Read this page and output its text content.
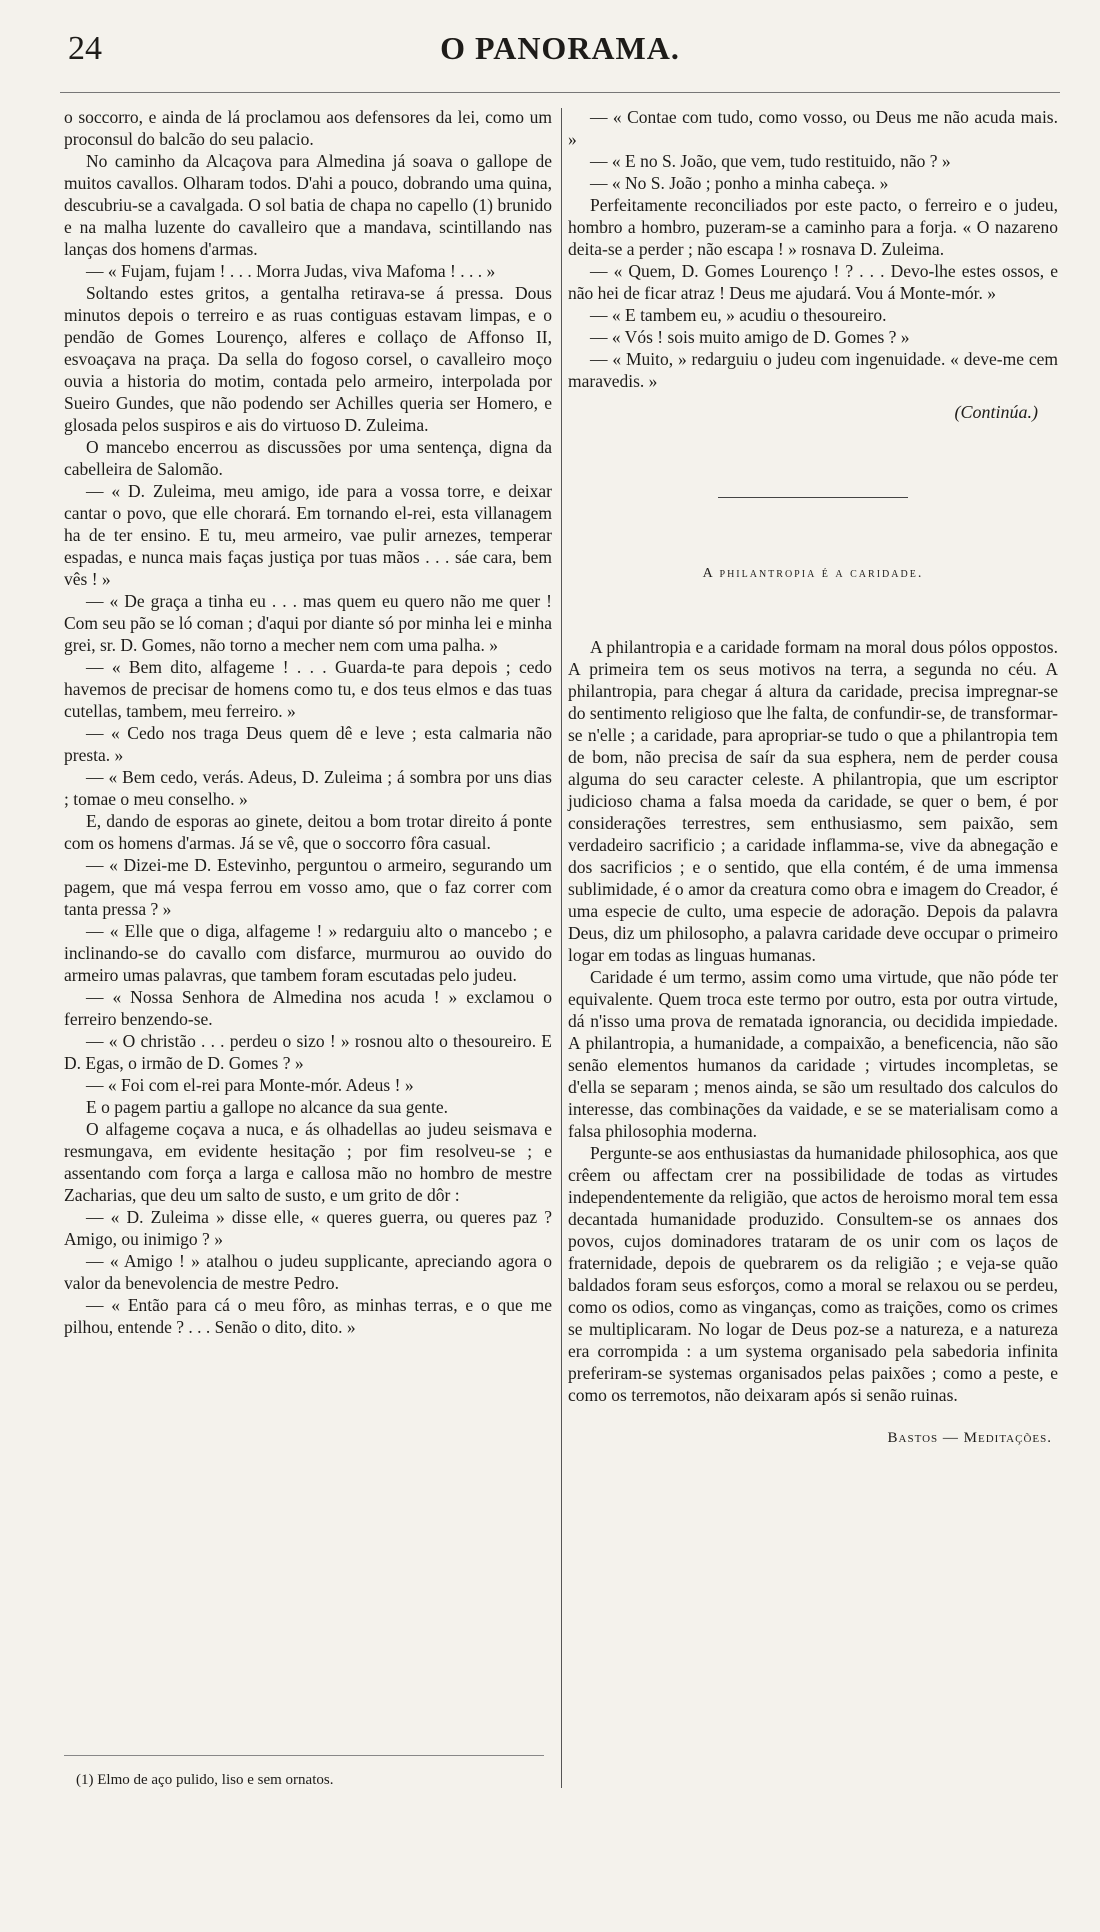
24	O PANORAMA.

o soccorro, e ainda de lá proclamou aos defensores da lei, como um proconsul do balcão do seu palacio.

No caminho da Alcaçova para Almedina já soava o gallope de muitos cavallos. Olharam todos. D'ahi a pouco, dobrando uma quina, descubriu-se a cavalgada. O sol batia de chapa no capello (1) brunido e na malha luzente do cavalleiro que a mandava, scintillando nas lanças dos homens d'armas.

— « Fujam, fujam ! . . . Morra Judas, viva Mafoma ! . . . »

Soltando estes gritos, a gentalha retirava-se á pressa. Dous minutos depois o terreiro e as ruas contiguas estavam limpas, e o pendão de Gomes Lourenço, alferes e collaço de Affonso II, esvoaçava na praça. Da sella do fogoso corsel, o cavalleiro moço ouvia a historia do motim, contada pelo armeiro, interpolada por Sueiro Gundes, que não podendo ser Achilles queria ser Homero, e glosada pelos suspiros e ais do virtuoso D. Zuleima.

O mancebo encerrou as discussões por uma sentença, digna da cabelleira de Salomão.

— « D. Zuleima, meu amigo, ide para a vossa torre, e deixar cantar o povo, que elle chorará. Em tornando el-rei, esta villanagem ha de ter ensino. E tu, meu armeiro, vae pulir arnezes, temperar espadas, e nunca mais faças justiça por tuas mãos . . . sáe cara, bem vês ! »

— « De graça a tinha eu . . . mas quem eu quero não me quer ! Com seu pão se ló coman ; d'aqui por diante só por minha lei e minha grei, sr. D. Gomes, não torno a mecher nem com uma palha. »

— « Bem dito, alfageme ! . . . Guarda-te para depois ; cedo havemos de precisar de homens como tu, e dos teus elmos e das tuas cutellas, tambem, meu ferreiro. »

— « Cedo nos traga Deus quem dê e leve ; esta calmaria não presta. »

— « Bem cedo, verás. Adeus, D. Zuleima ; á sombra por uns dias ; tomae o meu conselho. »

E, dando de esporas ao ginete, deitou a bom trotar direito á ponte com os homens d'armas. Já se vê, que o soccorro fôra casual.

— « Dizei-me D. Estevinho, perguntou o armeiro, segurando um pagem, que má vespa ferrou em vosso amo, que o faz correr com tanta pressa ? »

— « Elle que o diga, alfageme ! » redarguiu alto o mancebo ; e inclinando-se do cavallo com disfarce, murmurou ao ouvido do armeiro umas palavras, que tambem foram escutadas pelo judeu.

— « Nossa Senhora de Almedina nos acuda ! » exclamou o ferreiro benzendo-se.

— « O christão . . . perdeu o sizo ! » rosnou alto o thesoureiro. E D. Egas, o irmão de D. Gomes ? »

— « Foi com el-rei para Monte-mór. Adeus ! »

E o pagem partiu a gallope no alcance da sua gente.

O alfageme coçava a nuca, e ás olhadellas ao judeu seismava e resmungava, em evidente hesitação ; por fim resolveu-se ; e assentando com força a larga e callosa mão no hombro de mestre Zacharias, que deu um salto de susto, e um grito de dôr :

— « D. Zuleima » disse elle, « queres guerra, ou queres paz ? Amigo, ou inimigo ? »

— « Amigo ! » atalhou o judeu supplicante, apreciando agora o valor da benevolencia de mestre Pedro.

— « Então para cá o meu fôro, as minhas terras, e o que me pilhou, entende ? . . . Senão o dito, dito. »

— « Contae com tudo, como vosso, ou Deus me não acuda mais. »

— « E no S. João, que vem, tudo restituido, não ? »

— « No S. João ; ponho a minha cabeça. »

Perfeitamente reconciliados por este pacto, o ferreiro e o judeu, hombro a hombro, puzeram-se a caminho para a forja. « O nazareno deita-se a perder ; não escapa ! » rosnava D. Zuleima.

— « Quem, D. Gomes Lourenço ! ? . . . Devo-lhe estes ossos, e não hei de ficar atraz ! Deus me ajudará. Vou á Monte-mór. »

— « E tambem eu, » acudiu o thesoureiro.

— « Vós ! sois muito amigo de D. Gomes ? »

— « Muito, » redarguiu o judeu com ingenuidade. « deve-me cem maravedis. »

(Continúa.)
A philantropia é a caridade.

A philantropia e a caridade formam na moral dous pólos oppostos. A primeira tem os seus motivos na terra, a segunda no céu. A philantropia, para chegar á altura da caridade, precisa impregnar-se do sentimento religioso que lhe falta, de confundir-se, de transformar-se n'elle ; a caridade, para apropriar-se tudo o que a philantropia tem de bom, não precisa de saír da sua esphera, nem de perder cousa alguma do seu caracter celeste. A philantropia, que um escriptor judicioso chama a falsa moeda da caridade, se quer o bem, é por considerações terrestres, sem enthusiasmo, sem paixão, sem verdadeiro sacrificio ; a caridade inflamma-se, vive da abnegação e dos sacrificios ; e o sentido, que ella contém, é de uma immensa sublimidade, é o amor da creatura como obra e imagem do Creador, é uma especie de culto, uma especie de adoração. Depois da palavra Deus, diz um philosopho, a palavra caridade deve occupar o primeiro logar em todas as linguas humanas.

Caridade é um termo, assim como uma virtude, que não póde ter equivalente. Quem troca este termo por outro, esta por outra virtude, dá n'isso uma prova de rematada ignorancia, ou decidida impiedade. A philantropia, a humanidade, a compaixão, a beneficencia, não são senão elementos humanos da caridade ; virtudes incompletas, se d'ella se separam ; menos ainda, se são um resultado dos calculos do interesse, das combinações da vaidade, e se se materialisam como a falsa philosophia moderna.

Pergunte-se aos enthusiastas da humanidade philosophica, aos que crêem ou affectam crer na possibilidade de todas as virtudes independentemente da religião, que actos de heroismo moral tem essa decantada humanidade produzido. Consultem-se os annaes dos povos, cujos dominadores trataram de os unir com os laços de fraternidade, depois de quebrarem os da religião ; e veja-se quão baldados foram seus esforços, como a moral se relaxou ou se perdeu, como os odios, como as vinganças, como as traições, como os crimes se multiplicaram. No logar de Deus poz-se a natureza, e a natureza era corrompida : a um systema organisado pela sabedoria infinita preferiram-se systemas organisados pelas paixões ; como a peste, e como os terremotos, não deixaram após si senão ruinas.

Bastos — Meditações.
(1) Elmo de aço pulido, liso e sem ornatos.
